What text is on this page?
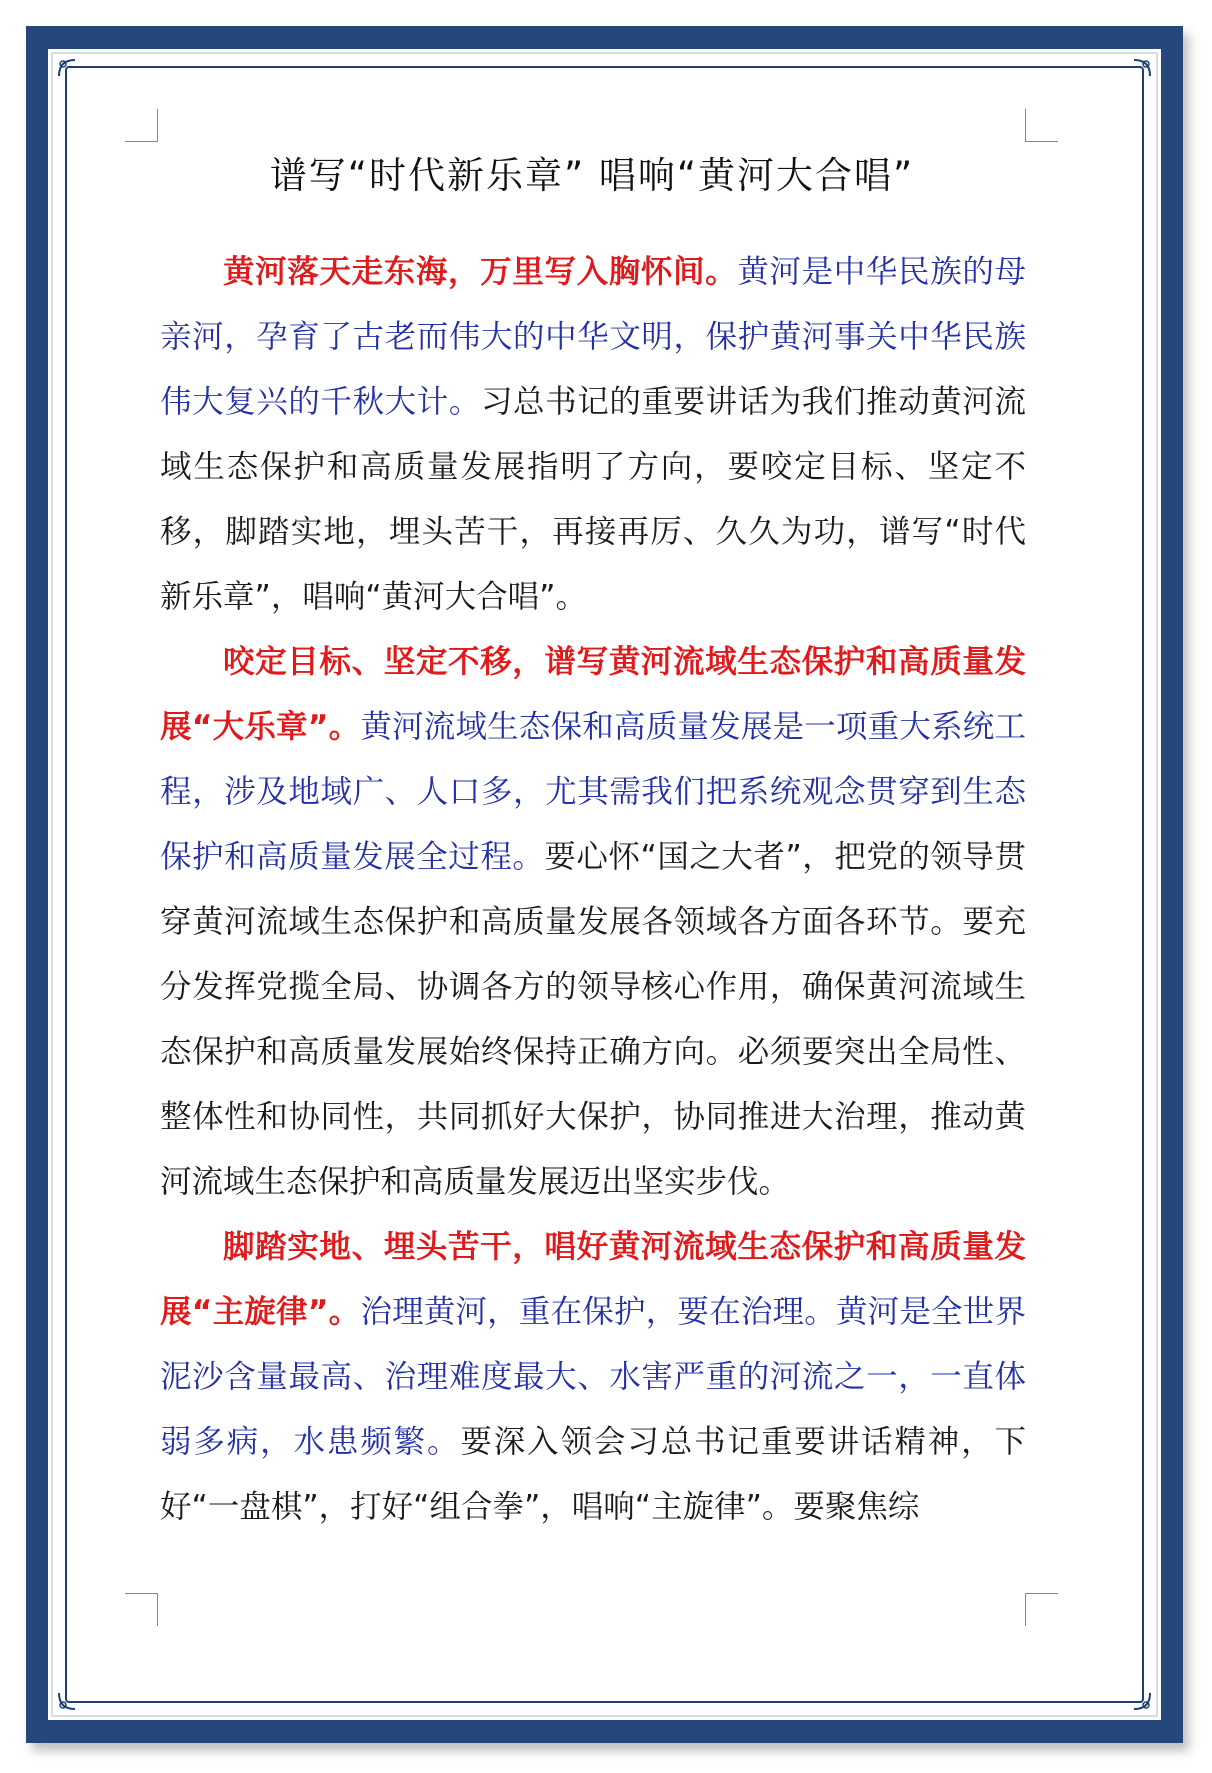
谱写“时代新乐章” 唱响“黄河大合唱”

黄河落天走东海，万里写入胸怀间。黄河是中华民族的母亲河，孕育了古老而伟大的中华文明，保护黄河事关中华民族伟大复兴的千秋大计。习总书记的重要讲话为我们推动黄河流域生态保护和高质量发展指明了方向，要咬定目标、坚定不移，脚踏实地，埋头苦干，再接再厉、久久为功，谱写“时代新乐章”，唱响“黄河大合唱”。

咬定目标、坚定不移，谱写黄河流域生态保护和高质量发展“大乐章”。黄河流域生态保和高质量发展是一项重大系统工程，涉及地域广、人口多，尤其需我们把系统观念贯穿到生态保护和高质量发展全过程。要心怀“国之大者”，把党的领导贯穿黄河流域生态保护和高质量发展各领域各方面各环节。要充分发挥党揽全局、协调各方的领导核心作用，确保黄河流域生态保护和高质量发展始终保持正确方向。必须要突出全局性、整体性和协同性，共同抓好大保护，协同推进大治理，推动黄河流域生态保护和高质量发展迈出坚实步伐。

脚踏实地、埋头苦干，唱好黄河流域生态保护和高质量发展“主旋律”。治理黄河，重在保护，要在治理。黄河是全世界泥沙含量最高、治理难度最大、水害严重的河流之一，一直体弱多病，水患频繁。要深入领会习总书记重要讲话精神，下好“一盘棋”，打好“组合拳”，唱响“主旋律”。要聚焦综
